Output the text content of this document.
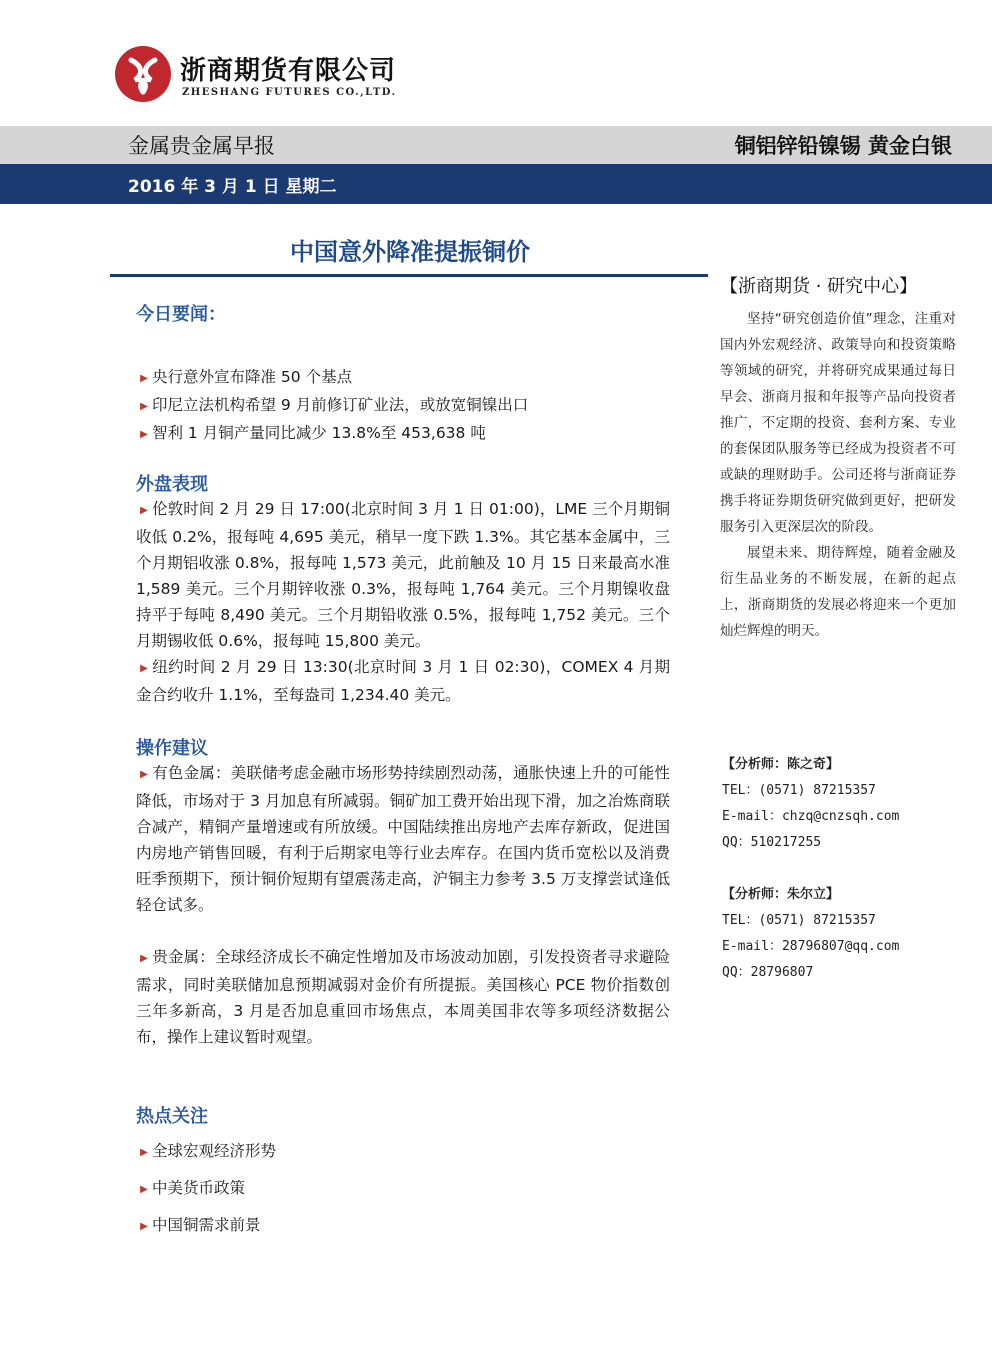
浙商期货有限公司
ZHESHANG FUTURES CO.,LTD.
金属贵金属早报	铜铝锌铅镍锡 黄金白银
2016 年 3 月 1 日 星期二
中国意外降准提振铜价
今日要闻：

▶ 央行意外宣布降准 50 个基点

▶ 印尼立法机构希望 9 月前修订矿业法，或放宽铜镍出口

▶ 智利 1 月铜产量同比减少 13.8%至 453,638 吨

外盘表现

▶ 伦敦时间 2 月 29 日 17:00(北京时间 3 月 1 日 01:00)，LME 三个月期铜收低 0.2%，报每吨 4,695 美元，稍早一度下跌 1.3%。其它基本金属中，三个月期铝收涨 0.8%，报每吨 1,573 美元，此前触及 10 月 15 日来最高水准 1,589 美元。三个月期锌收涨 0.3%，报每吨 1,764 美元。三个月期镍收盘持平于每吨 8,490 美元。三个月期铅收涨 0.5%，报每吨 1,752 美元。三个月期锡收低 0.6%，报每吨 15,800 美元。

▶ 纽约时间 2 月 29 日 13:30(北京时间 3 月 1 日 02:30)，COMEX 4 月期金合约收升 1.1%，至每盎司 1,234.40 美元。

操作建议

▶ 有色金属：美联储考虑金融市场形势持续剧烈动荡，通胀快速上升的可能性降低，市场对于 3 月加息有所减弱。铜矿加工费开始出现下滑，加之冶炼商联合减产，精铜产量增速或有所放缓。中国陆续推出房地产去库存新政，促进国内房地产销售回暖，有利于后期家电等行业去库存。在国内货币宽松以及消费旺季预期下，预计铜价短期有望震荡走高，沪铜主力参考 3.5 万支撑尝试逢低轻仓试多。

▶ 贵金属：全球经济成长不确定性增加及市场波动加剧，引发投资者寻求避险需求，同时美联储加息预期减弱对金价有所提振。美国核心 PCE 物价指数创三年多新高，3 月是否加息重回市场焦点，本周美国非农等多项经济数据公布，操作上建议暂时观望。

热点关注

▶ 全球宏观经济形势

▶ 中美货币政策

▶ 中国铜需求前景

【浙商期货 · 研究中心】

坚持“研究创造价值”理念，注重对国内外宏观经济、政策导向和投资策略等领域的研究，并将研究成果通过每日早会、浙商月报和年报等产品向投资者推广，不定期的投资、套利方案、专业的套保团队服务等已经成为投资者不可或缺的理财助手。公司还将与浙商证券携手将证券期货研究做到更好，把研发服务引入更深层次的阶段。

展望未来、期待辉煌，随着金融及衍生品业务的不断发展，在新的起点上，浙商期货的发展必将迎来一个更加灿烂辉煌的明天。

【分析师：陈之奇】
TEL：(0571) 87215357
E-mail：chzq@cnzsqh.com
QQ：510217255
【分析师：朱尔立】
TEL：(0571) 87215357
E-mail：28796807@qq.com
QQ：28796807
